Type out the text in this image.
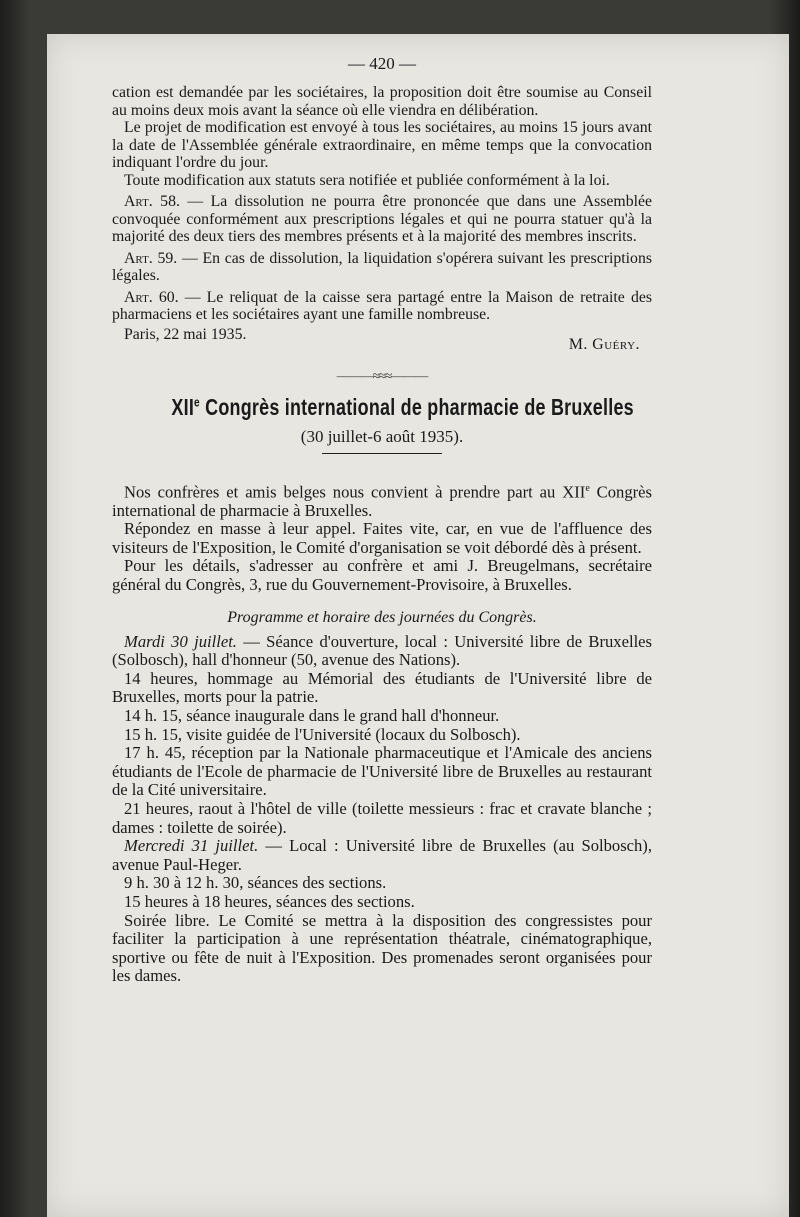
— 420 —

cation est demandée par les sociétaires, la proposition doit être soumise au Conseil au moins deux mois avant la séance où elle viendra en délibération.

Le projet de modification est envoyé à tous les sociétaires, au moins 15 jours avant la date de l'Assemblée générale extraordinaire, en même temps que la convocation indiquant l'ordre du jour.

Toute modification aux statuts sera notifiée et publiée conformément à la loi.

Art. 58. — La dissolution ne pourra être prononcée que dans une Assemblée convoquée conformément aux prescriptions légales et qui ne pourra statuer qu'à la majorité des deux tiers des membres présents et à la majorité des membres inscrits.

Art. 59. — En cas de dissolution, la liquidation s'opérera suivant les prescriptions légales.

Art. 60. — Le reliquat de la caisse sera partagé entre la Maison de retraite des pharmaciens et les sociétaires ayant une famille nombreuse.

Paris, 22 mai 1935.
M. Guéry.
———≈≈≈———
XIIe Congrès international de pharmacie de Bruxelles
(30 juillet-6 août 1935).

Nos confrères et amis belges nous convient à prendre part au XIIe Congrès international de pharmacie à Bruxelles.

Répondez en masse à leur appel. Faites vite, car, en vue de l'affluence des visiteurs de l'Exposition, le Comité d'organisation se voit débordé dès à présent.

Pour les détails, s'adresser au confrère et ami J. Breugelmans, secrétaire général du Congrès, 3, rue du Gouvernement-Provisoire, à Bruxelles.

Programme et horaire des journées du Congrès.

Mardi 30 juillet. — Séance d'ouverture, local : Université libre de Bruxelles (Solbosch), hall d'honneur (50, avenue des Nations).

14 heures, hommage au Mémorial des étudiants de l'Université libre de Bruxelles, morts pour la patrie.

14 h. 15, séance inaugurale dans le grand hall d'honneur.

15 h. 15, visite guidée de l'Université (locaux du Solbosch).

17 h. 45, réception par la Nationale pharmaceutique et l'Amicale des anciens étudiants de l'Ecole de pharmacie de l'Université libre de Bruxelles au restaurant de la Cité universitaire.

21 heures, raout à l'hôtel de ville (toilette messieurs : frac et cravate blanche ; dames : toilette de soirée).

Mercredi 31 juillet. — Local : Université libre de Bruxelles (au Solbosch), avenue Paul-Heger.

9 h. 30 à 12 h. 30, séances des sections.

15 heures à 18 heures, séances des sections.

Soirée libre. Le Comité se mettra à la disposition des congressistes pour faciliter la participation à une représentation théatrale, cinématographique, sportive ou fête de nuit à l'Exposition. Des promenades seront organisées pour les dames.
